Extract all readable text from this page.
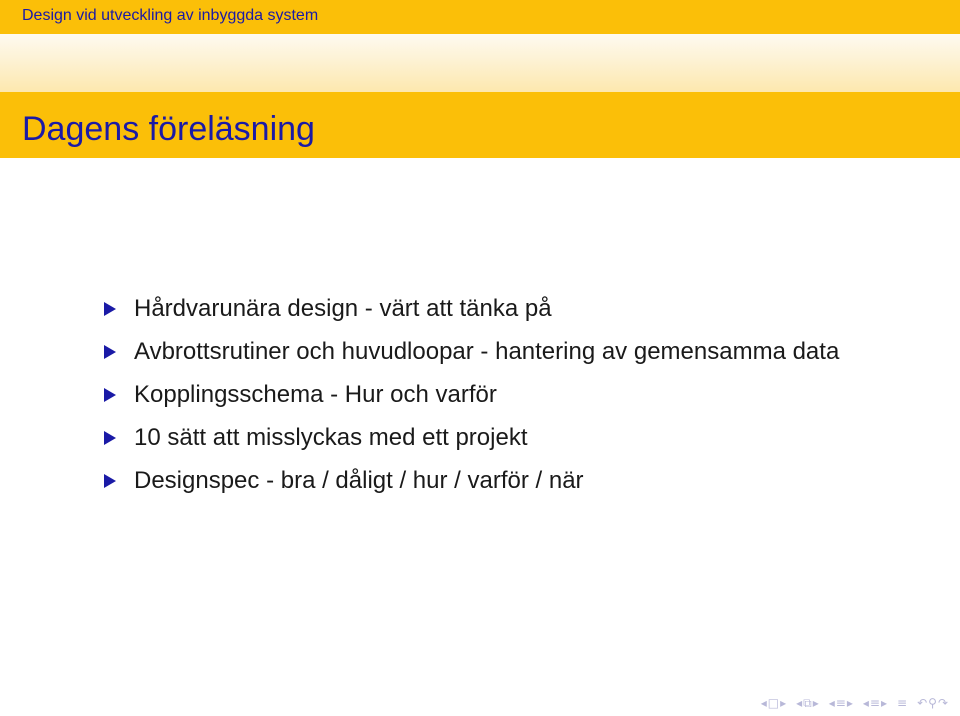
Design vid utveckling av inbyggda system
Dagens föreläsning
Hårdvarunära design - värt att tänka på
Avbrottsrutiner och huvudloopar - hantering av gemensamma data
Kopplingsschema - Hur och varför
10 sätt att misslyckas med ett projekt
Designspec - bra / dåligt / hur / varför / när
◂ □ ▸ ◂ ⧉ ▸ ◂ ≡ ▸ ◂ ≡ ▸ ≡ ↶ ⚲ ↷
